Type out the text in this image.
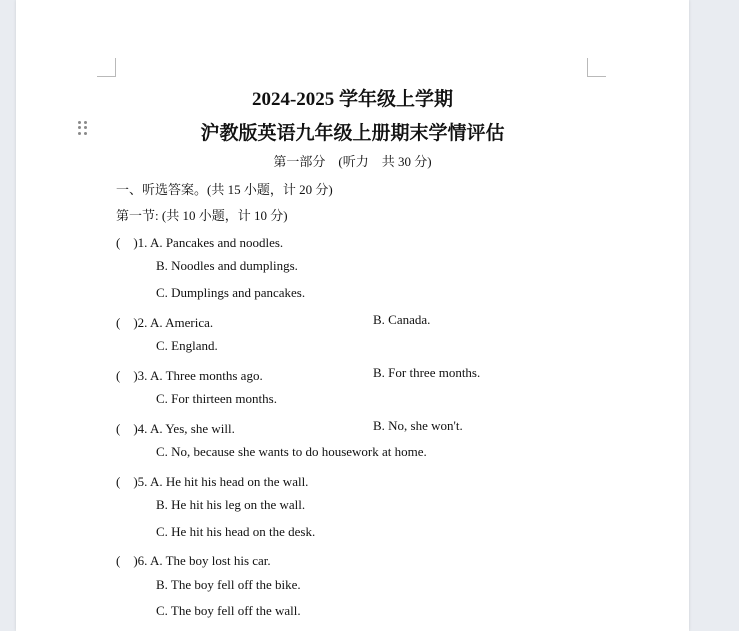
2024-2025 学年级上学期
沪教版英语九年级上册期末学情评估
第一部分　(听力　共 30 分)
一、听选答案。(共 15 小题，计 20 分)
第一节: (共 10 小题，计 10 分)
(　)1. A. Pancakes and noodles.
B. Noodles and dumplings.
C. Dumplings and pancakes.
(　)2. A. America.	B. Canada.
C. England.
(　)3. A. Three months ago.	B. For three months.
C. For thirteen months.
(　)4. A. Yes, she will.	B. No, she won't.
C. No, because she wants to do housework at home.
(　)5. A. He hit his head on the wall.
B. He hit his leg on the wall.
C. He hit his head on the desk.
(　)6. A. The boy lost his car.
B. The boy fell off the bike.
C. The boy fell off the wall.
